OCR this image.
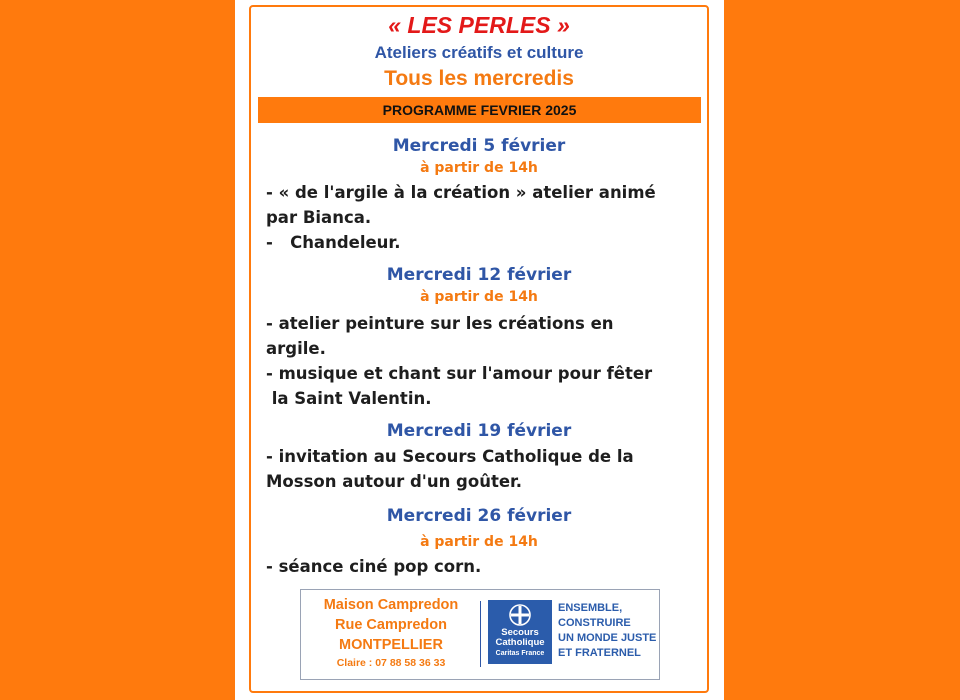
« LES PERLES »
Ateliers créatifs et culture
Tous les mercredis
PROGRAMME FEVRIER 2025
Mercredi 5 février
à partir de 14h
- « de l'argile à la création » atelier animé
par Bianca.
-   Chandeleur.
Mercredi 12 février
à partir de 14h
- atelier peinture sur les créations en
argile.
- musique et chant sur l'amour pour fêter
la Saint Valentin.
Mercredi 19 février
- invitation au Secours Catholique de la
Mosson autour d'un goûter.
Mercredi 26 février
à partir de 14h
- séance ciné pop corn.
Maison Campredon
Rue Campredon
MONTPELLIER
Claire : 07 88 58 36 33
Secours
Catholique
Caritas France
ENSEMBLE,
CONSTRUIRE
UN MONDE JUSTE
ET FRATERNEL
